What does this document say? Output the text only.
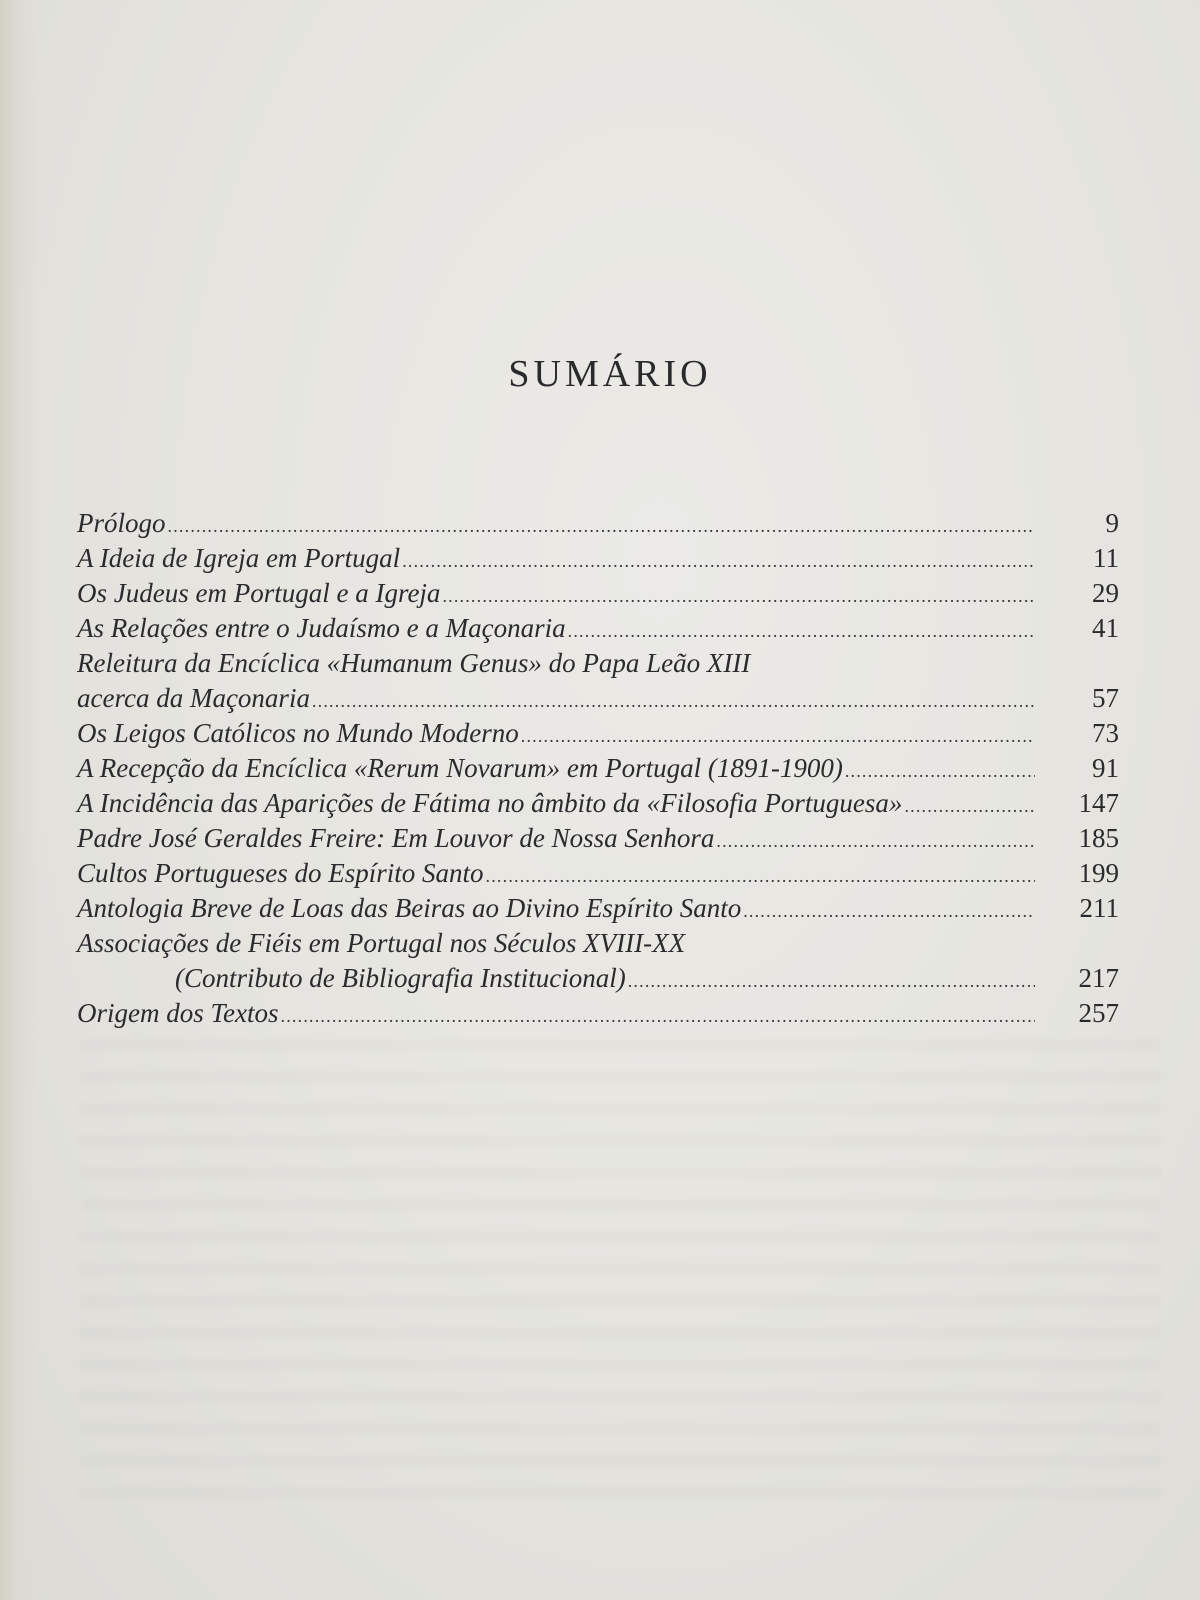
SUMÁRIO
Prólogo .....	9
A Ideia de Igreja em Portugal .....	11
Os Judeus em Portugal e a Igreja .....	29
As Relações entre o Judaísmo e a Maçonaria .....	41
Releitura da Encíclica «Humanum Genus» do Papa Leão XIII
acerca da Maçonaria .....	57
Os Leigos Católicos no Mundo Moderno .....	73
A Recepção da Encíclica «Rerum Novarum» em Portugal (1891-1900) .....	91
A Incidência das Aparições de Fátima no âmbito da «Filosofia Portuguesa» .....	147
Padre José Geraldes Freire: Em Louvor de Nossa Senhora .....	185
Cultos Portugueses do Espírito Santo .....	199
Antologia Breve de Loas das Beiras ao Divino Espírito Santo .....	211
Associações de Fiéis em Portugal nos Séculos XVIII-XX
(Contributo de Bibliografia Institucional) .....	217
Origem dos Textos .....	257
